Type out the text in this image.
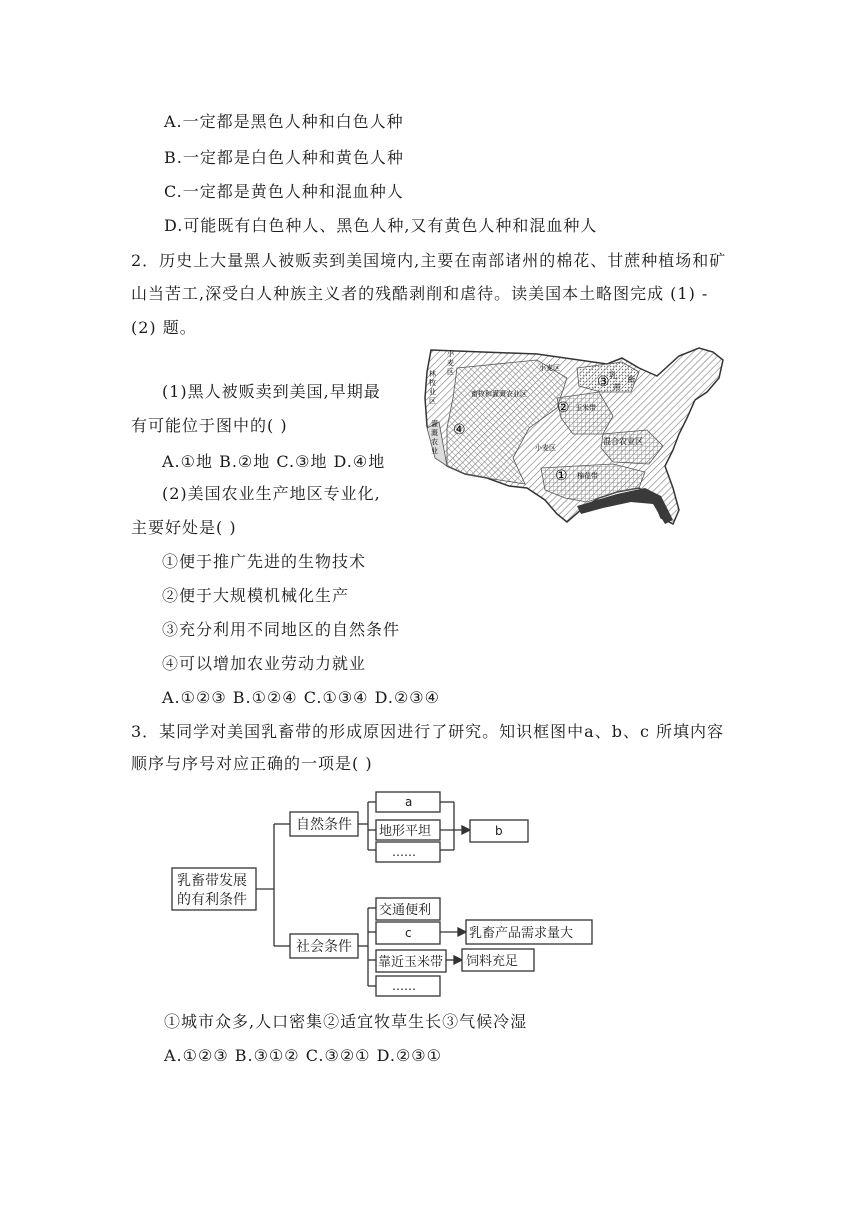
A.一定都是黑色人种和白色人种
B.一定都是白色人种和黄色人种
C.一定都是黄色人种和混血种人
D.可能既有白色种人、黑色人种,又有黄色人种和混血种人
2．历史上大量黑人被贩卖到美国境内,主要在南部诸州的棉花、甘蔗种植场和矿
山当苦工,深受白人种族主义者的残酷剥削和虐待。读美国本土略图完成 (1) -
(2) 题。
(1)黑人被贩卖到美国,早期最
有可能位于图中的( )
A.①地 B.②地 C.③地 D.④地
(2)美国农业生产地区专业化,
主要好处是( )
①便于推广先进的生物技术
②便于大规模机械化生产
③充分利用不同地区的自然条件
④可以增加农业劳动力就业
A.①②③ B.①②④ C.①③④ D.②③④
小
麦
区
林
牧
业
区
灌
溉
农
业
小麦区
乳 畜
带
畜牧和灌溉农业区
玉米带
混合农业区
小麦区
棉花带
①
②
③
④
3．某同学对美国乳畜带的形成原因进行了研究。知识框图中a、b、c 所填内容
顺序与序号对应正确的一项是( )
乳畜带发展
的有利条件
自然条件
a
地形平坦
……
b
社会条件
交通便利
c	乳畜产品需求量大
靠近玉米带 饲料充足
……
①城市众多,人口密集②适宜牧草生长③气候冷湿
A.①②③ B.③①② C.③②① D.②③①
